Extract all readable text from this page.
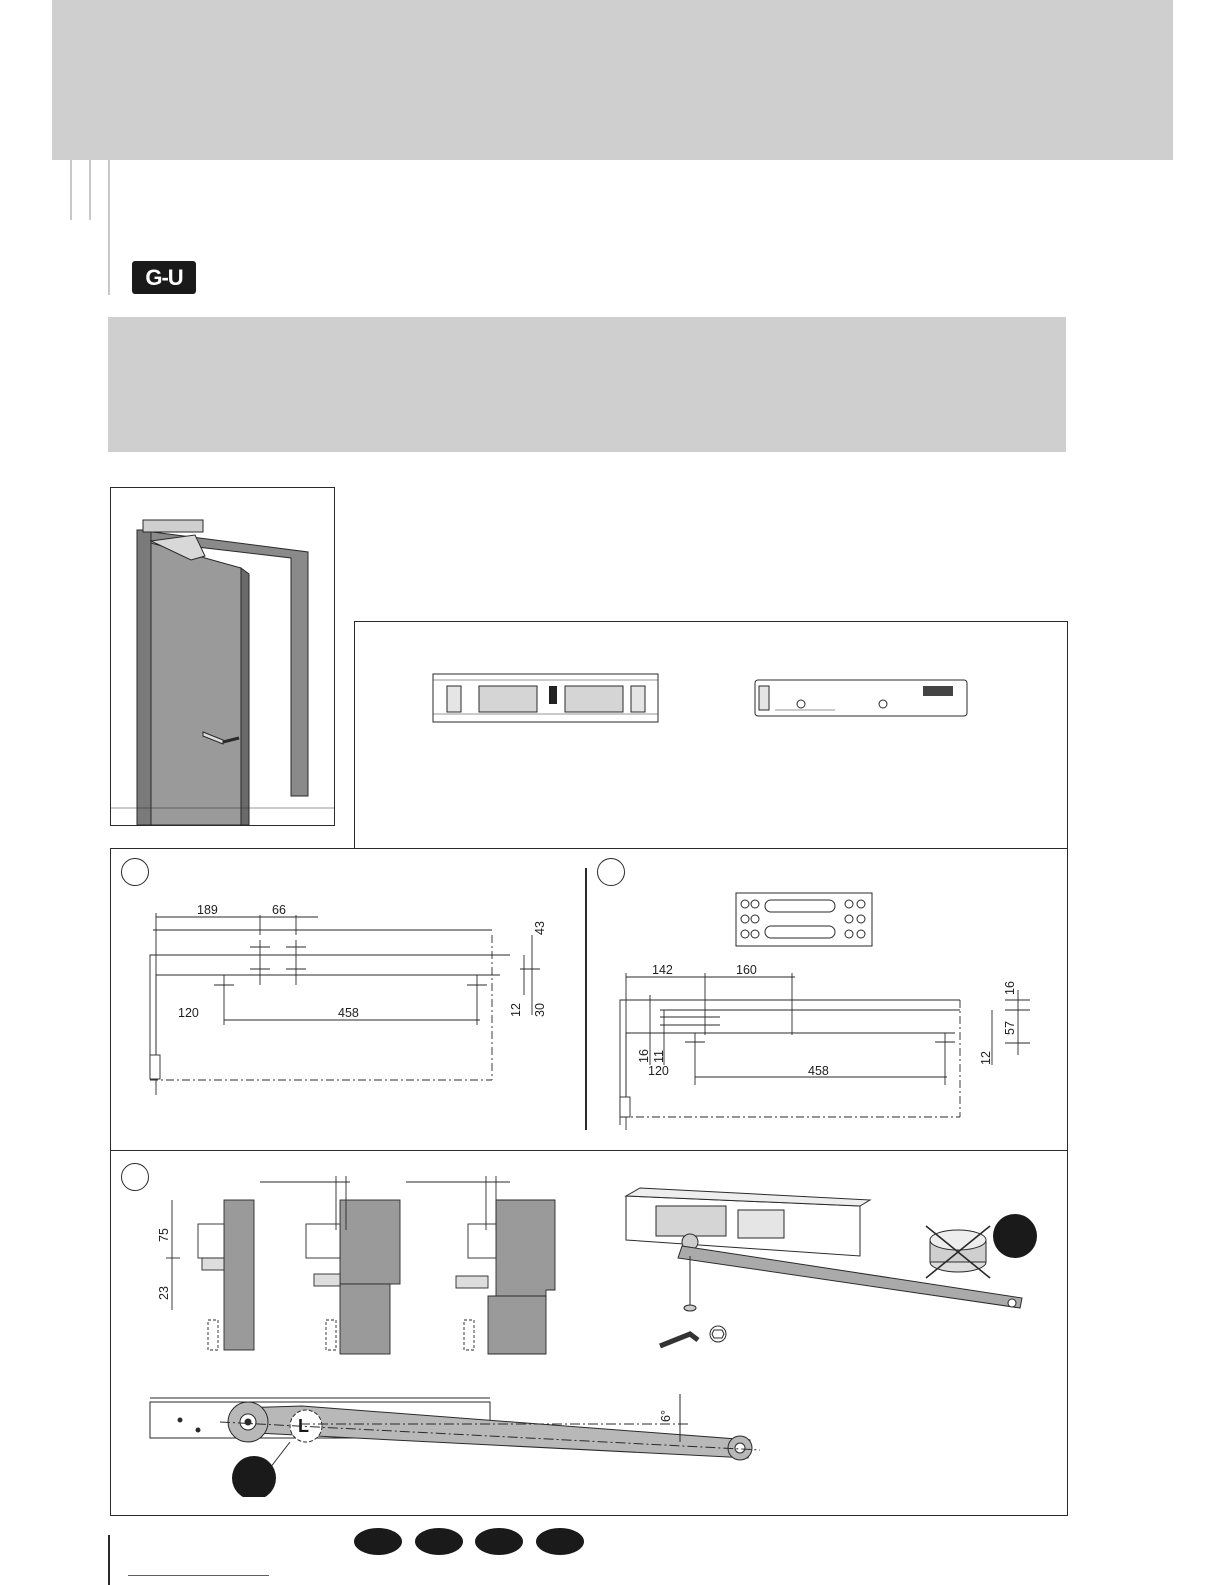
G-U
189	66
120	458
43
12 30
142	160
120	458
16 11
16
57
12
75
23
L	6°
